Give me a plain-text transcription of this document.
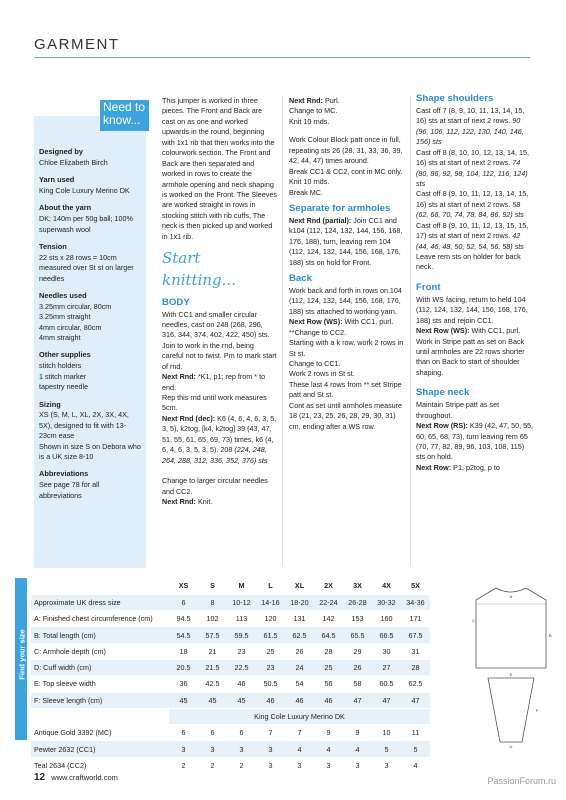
GARMENT
Designed by

Chloe Elizabeth Birch

Yarn used

King Cole Luxury Merino DK

About the yarn

DK; 140m per 50g ball; 100% superwash wool

Tension

22 sts x 28 rows = 10cm measured over St st on larger needles

Needles used

3.25mm circular, 80cm
3.25mm straight
4mm circular, 80cm
4mm straight

Other supplies

stitch holders
1 stitch marker
tapestry needle

Sizing

XS (S, M, L, XL, 2X, 3X, 4X, 5X), designed to fit with 13-23cm ease
Shown in size S on Debora who is a UK size 8-10

Abbreviations

See page 78 for all abbreviations

Need to know...

This jumper is worked in three pieces. The Front and Back are cast on as one and worked upwards in the round, beginning with 1x1 rib that then works into the colourwork section. The Front and Back are then separated and worked in rows to create the armhole opening and neck shaping is worked on the Front. The Sleeves are worked straight in rows in stocking stitch with rib cuffs, The neck is then picked up and worked in 1x1 rib.

Start knitting...
BODY

With CC1 and smaller circular needles, cast on 248 (268, 296, 316, 344, 374, 402, 422, 450) sts. Join to work in the rnd, being careful not to twist. Pm to mark start of rnd.

Next Rnd: *K1, p1; rep from * to end.

Rep this rnd until work measures 5cm.

Next Rnd (dec): K6 (4, 6, 4, 6, 3, 5, 3, 5), k2tog, [k4, k2tog] 39 (43, 47, 51, 55, 61, 65, 69, 73) times, k6 (4, 6, 4, 6, 3, 5, 3, 5). 208 (224, 248, 264, 288, 312, 336, 352, 376) sts

Change to larger circular needles and CC2.

Next Rnd: Knit.

Next Rnd: Purl.

Change to MC.
Knit 10 rnds.

Work Colour Block patt once in full, repeating sts 26 (28, 31, 33, 36, 39, 42, 44, 47) times around.
Break CC1 & CC2, cont in MC only.
Knit 10 rnds.
Break MC.

Separate for armholes

Next Rnd (partial): Join CC1 and k104 (112, 124, 132, 144, 156, 168, 176, 188), turn, leaving rem 104 (112, 124, 132, 144, 156, 168, 176, 188) sts on hold for Front.

Back

Work back and forth in rows on 104 (112, 124, 132, 144, 156, 168, 176, 188) sts attached to working yarn.

Next Row (WS): With CC1, purl.

**Change to CC2.
Starting with a k row, work 2 rows in St st.
Change to CC1.
Work 2 rows in St st.
These last 4 rows from ** set Stripe patt and St st.
Cont as set until armholes measure 18 (21, 23, 25, 26, 28, 29, 30, 31) cm, ending after a WS row.

Shape shoulders

Cast off 7 (8, 9, 10, 11, 13, 14, 15, 16) sts at start of next 2 rows. 90 (96, 106, 112, 122, 130, 140, 146, 156) sts

Cast off 8 (8, 10, 10, 12, 13, 14, 15, 16) sts at start of next 2 rows. 74 (80, 86, 92, 98, 104, 112, 116, 124) sts

Cast off 8 (9, 10, 11, 12, 13, 14, 15, 16) sts at start of next 2 rows. 58 (62, 66, 70, 74, 78, 84, 86, 92) sts

Cast off 8 (9, 10, 11, 12, 13, 15, 15, 17) sts at start of next 2 rows. 42 (44, 46, 48, 50, 52, 54, 56, 58) sts

Leave rem sts on holder for back neck.

Front

With WS facing, return to held 104 (112, 124, 132, 144, 156, 168, 176, 188) sts and rejoin CC1.

Next Row (WS): With CC1, purl.

Work in Stripe patt as set on Back until armholes are 22 rows shorter than on Back to start of shoulder shaping.

Shape neck

Maintain Stripe patt as set throughout.

Next Row (RS): K39 (42, 47, 50, 55, 60, 65, 68, 73), turn leaving rem 65 (70, 77, 82, 89, 96, 103, 108, 115) sts on hold.

Next Row: P1, p2tog, p to

Find your size
	XS	S	M	L	XL	2X	3X	4X	5X
Approximate UK dress size	6	8	10-12	14-16	18-20	22-24	26-28	30-32	34-36
A: Finished chest circumference (cm)	94.5	102	113	120	131	142	153	160	171
B: Total length (cm)	54.5	57.5	59.5	61.5	62.5	64.5	65.5	66.5	67.5
C: Armhole depth (cm)	18	21	23	25	26	28	29	30	31
D: Cuff width (cm)	20.5	21.5	22.5	23	24	25	26	27	28
E: Top sleeve width	36	42.5	46	50.5	54	56	58	60.5	62.5
F: Sleeve length (cm)	45	45	45	46	46	46	47	47	47
	King Cole Luxury Merino DK								
Antique Gold 3392 (MC)	6	6	6	7	7	9	9	10	11
Pewter 2632 (CC1)	3	3	3	3	4	4	4	5	5
Teal 2634 (CC2)	2	2	2	3	3	3	3	3	4
A
B
C
D
E
F
12 www.craftworld.com	PassionForum.ru
